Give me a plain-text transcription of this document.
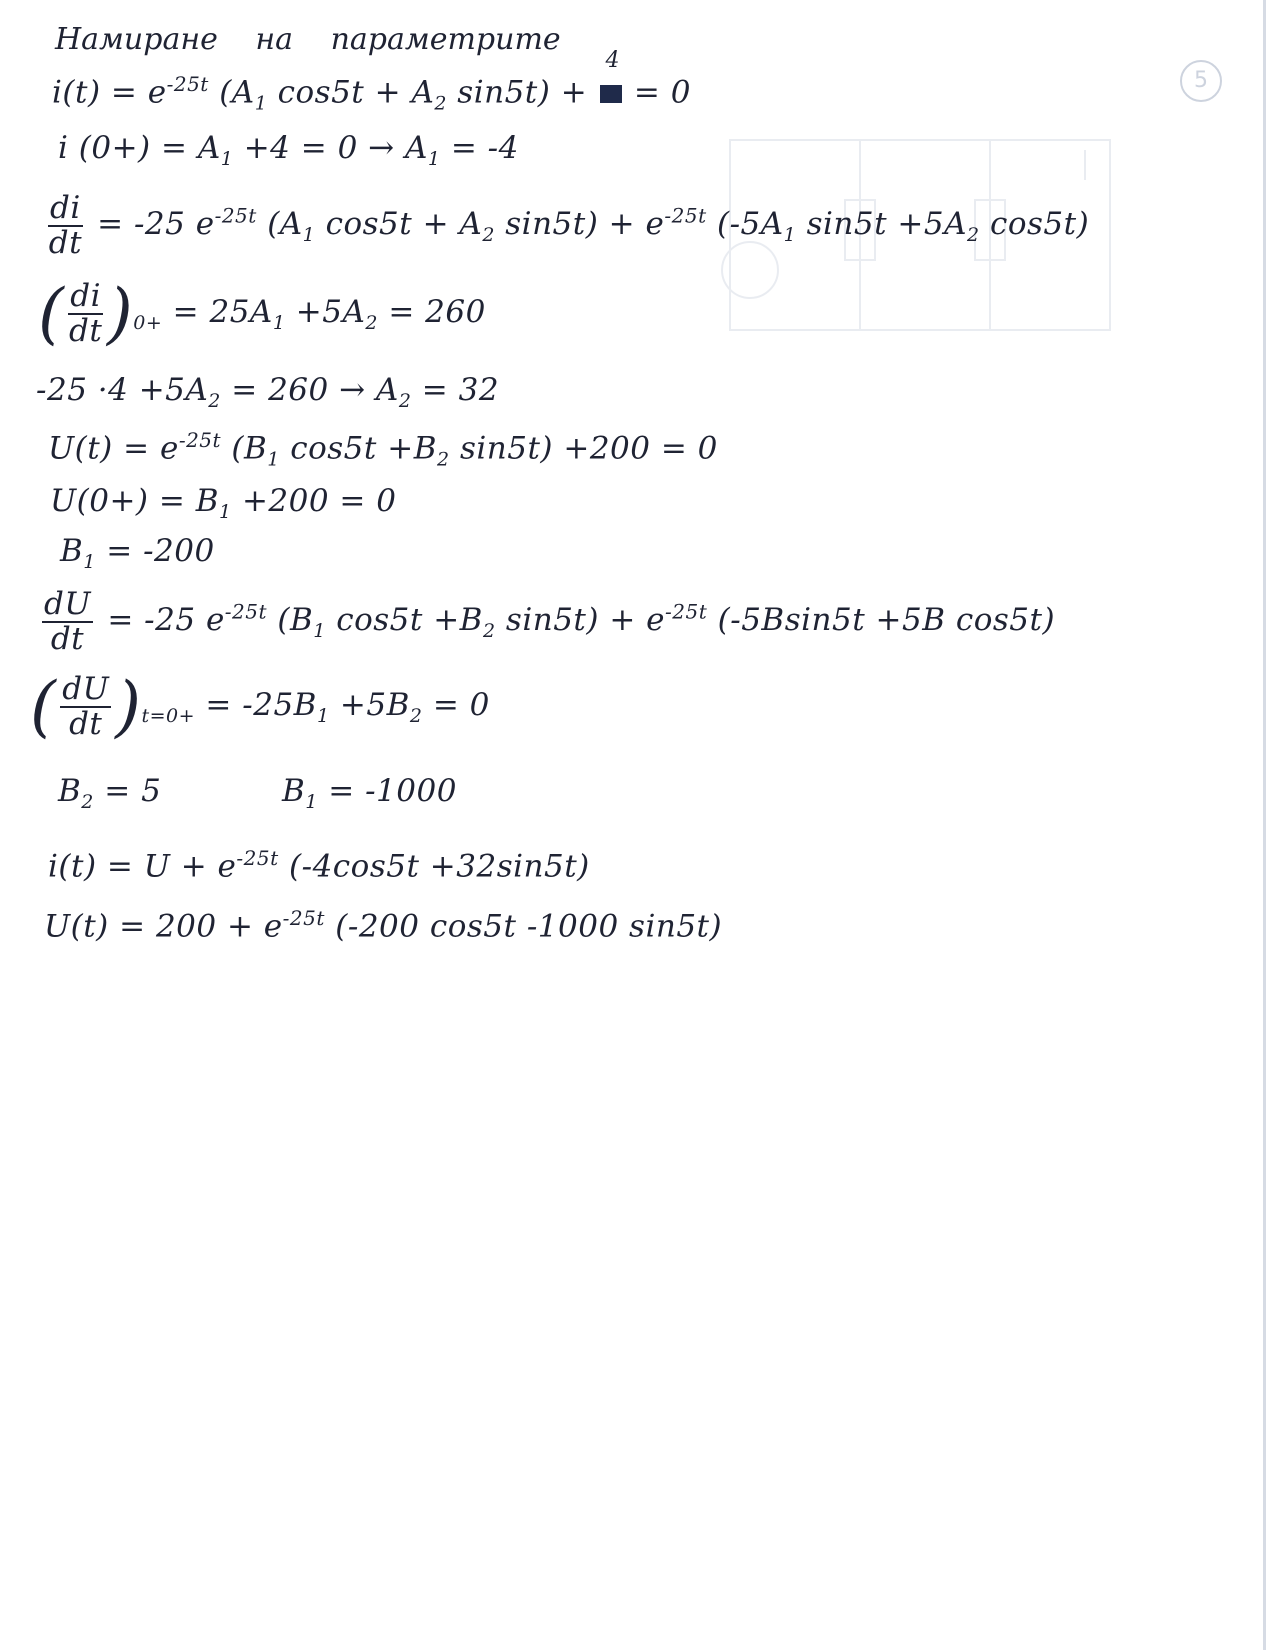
5
Намиране на параметрите
$i(t) = e^{-25t}$ ($A_1$ $\cos 5t + A_2$ sin5t) +
4
= 0
i $(0+) = A_1 +4 = 0 \to A_1 = -4$
$\frac{di}{dt} = -25$ $e^{-25t}$ ($A_1$ $\cos 5t + A_2$ $\sin 5t) + e^{-25t}$ ($-5A_1$ $\sin 5t +5A_2$ cos5t)
( $\frac{di}{dt} )_{0+} = 25A_1 +5A_2 = 260$
$-25 \cdot 4 +5A_2 = 260 \to A_2 = 32$
$U(t) = e^{-25t}$ ($B_1$ $\cos 5t +B_2$ sin5t) +200 = 0
$U(0+) = B_1 +200 = 0$
$B_1 = -200$
$\frac{dU}{dt} = -25$ $e^{-25t}$ ($B_1$ $\cos 5t +B_2$ $\sin 5t) + e^{-25t}$ (-5Bsin5t +5B cos5t)
( $\frac{dU}{dt} )_{t=0+} = -25B_1 +5B_2 = 0$
$B_2 = 5$	$B_1 = -1000$
$i(t) = U + e^{-25t}$ (-4cos5t +32sin5t)
$U(t) = 200 + e^{-25t}$ (-200 cos5t -1000 sin5t)
